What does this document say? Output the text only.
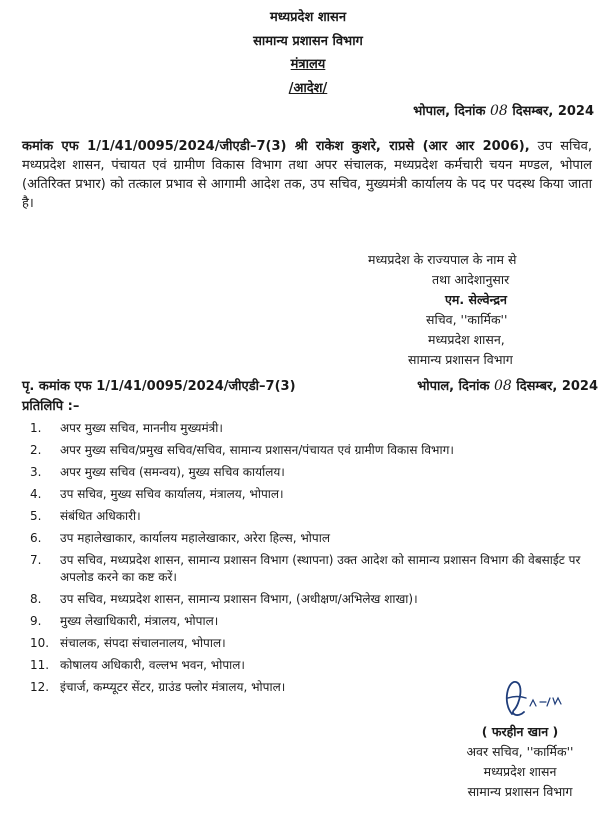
मध्यप्रदेश शासन
सामान्य प्रशासन विभाग
मंत्रालय
/आदेश/
भोपाल, दिनांक 08 दिसम्बर, 2024
कमांक एफ 1/1/41/0095/2024/जीएडी–7(3) श्री राकेश कुशरे, राप्रसे (आर आर 2006), उप सचिव, मध्यप्रदेश शासन, पंचायत एवं ग्रामीण विकास विभाग तथा अपर संचालक, मध्यप्रदेश कर्मचारी चयन मण्डल, भोपाल (अतिरिक्त प्रभार) को तत्काल प्रभाव से आगामी आदेश तक, उप सचिव, मुख्यमंत्री कार्यालय के पद पर पदस्थ किया जाता है।
मध्यप्रदेश के राज्यपाल के नाम से
तथा आदेशानुसार
एम. सेल्वेन्द्रन
सचिव, ''कार्मिक''
मध्यप्रदेश शासन,
सामान्य प्रशासन विभाग
पृ. कमांक एफ 1/1/41/0095/2024/जीएडी–7(3)	भोपाल, दिनांक 08 दिसम्बर, 2024
प्रतिलिपि :–
1.	अपर मुख्य सचिव, माननीय मुख्यमंत्री।
2.	अपर मुख्य सचिव/प्रमुख सचिव/सचिव, सामान्य प्रशासन/पंचायत एवं ग्रामीण विकास विभाग।
3.	अपर मुख्य सचिव (समन्वय), मुख्य सचिव कार्यालय।
4.	उप सचिव, मुख्य सचिव कार्यालय, मंत्रालय, भोपाल।
5.	संबंधित अधिकारी।
6.	उप महालेखाकार, कार्यालय महालेखाकार, अरेरा हिल्स, भोपाल
7.	उप सचिव, मध्यप्रदेश शासन, सामान्य प्रशासन विभाग (स्थापना) उक्त आदेश को सामान्य प्रशासन विभाग की वेबसाईट पर अपलोड करने का कष्ट करें।
8.	उप सचिव, मध्यप्रदेश शासन, सामान्य प्रशासन विभाग, (अधीक्षण/अभिलेख शाखा)।
9.	मुख्य लेखाधिकारी, मंत्रालय, भोपाल।
10. संचालक, संपदा संचालनालय, भोपाल।
11. कोषालय अधिकारी, वल्लभ भवन, भोपाल।
12. इंचार्ज, कम्प्यूटर सेंटर, ग्राउंड फ्लोर मंत्रालय, भोपाल।
( फरहीन खान )
अवर सचिव, ''कार्मिक''
मध्यप्रदेश शासन
सामान्य प्रशासन विभाग
